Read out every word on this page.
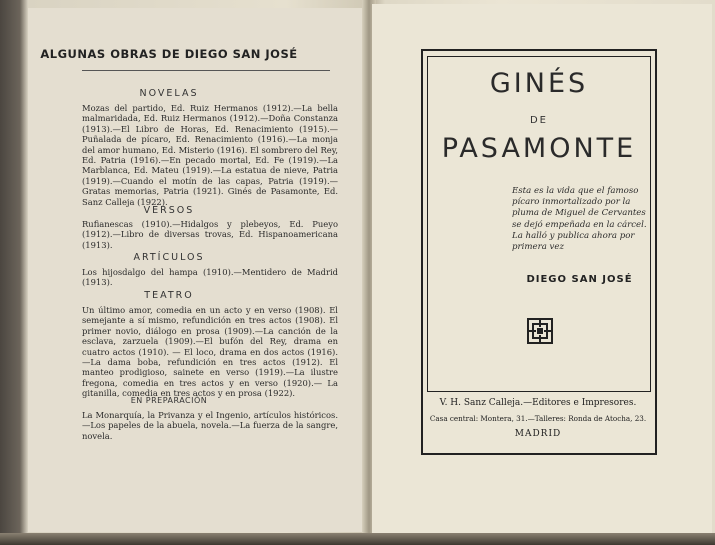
ALGUNAS OBRAS DE DIEGO SAN JOSÉ
NOVELAS
Mozas del partido, Ed. Ruiz Hermanos (1912).—La bella malmaridada, Ed. Ruiz Hermanos (1912).—Doña Constanza (1913).—El Libro de Horas, Ed. Renacimiento (1915).— Puñalada de pícaro, Ed. Renacimiento (1916).—La monja del amor humano, Ed. Misterio (1916). El sombrero del Rey, Ed. Patria (1916).—En pecado mortal, Ed. Fe (1919).—La Marblanca, Ed. Mateu (1919).—La estatua de nieve, Patria (1919).—Cuando el motín de las capas, Patria (1919).—Gratas memorias, Patria (1921). Ginés de Pasamonte, Ed. Sanz Calleja (1922).
VERSOS
Rufianescas (1910).—Hidalgos y plebeyos, Ed. Pueyo (1912).—Libro de diversas trovas, Ed. Hispanoamericana (1913).
ARTÍCULOS
Los hijosdalgo del hampa (1910).—Mentidero de Madrid (1913).
TEATRO
Un último amor, comedia en un acto y en verso (1908). El semejante a sí mismo, refundición en tres actos (1908). El primer novio, diálogo en prosa (1909).—La canción de la esclava, zarzuela (1909).—El bufón del Rey, drama en cuatro actos (1910). — El loco, drama en dos actos (1916).—La dama boba, refundición en tres actos (1912). El manteo prodigioso, sainete en verso (1919).—La ilustre fregona, comedia en tres actos y en verso (1920).— La gitanilla, comedia en tres actos y en prosa (1922).
EN PREPARACIÓN
La Monarquía, la Privanza y el Ingenio, artículos históricos.—Los papeles de la abuela, novela.—La fuerza de la sangre, novela.
GINÉS
DE
PASAMONTE
Esta es la vida que el famoso pícaro inmortalizado por la pluma de Miguel de Cervantes se dejó empeñada en la cárcel. La halló y publica ahora por primera vez
DIEGO SAN JOSÉ
V. H. Sanz Calleja.—Editores e Impresores.
Casa central: Montera, 31.—Talleres: Ronda de Atocha, 23.
MADRID
